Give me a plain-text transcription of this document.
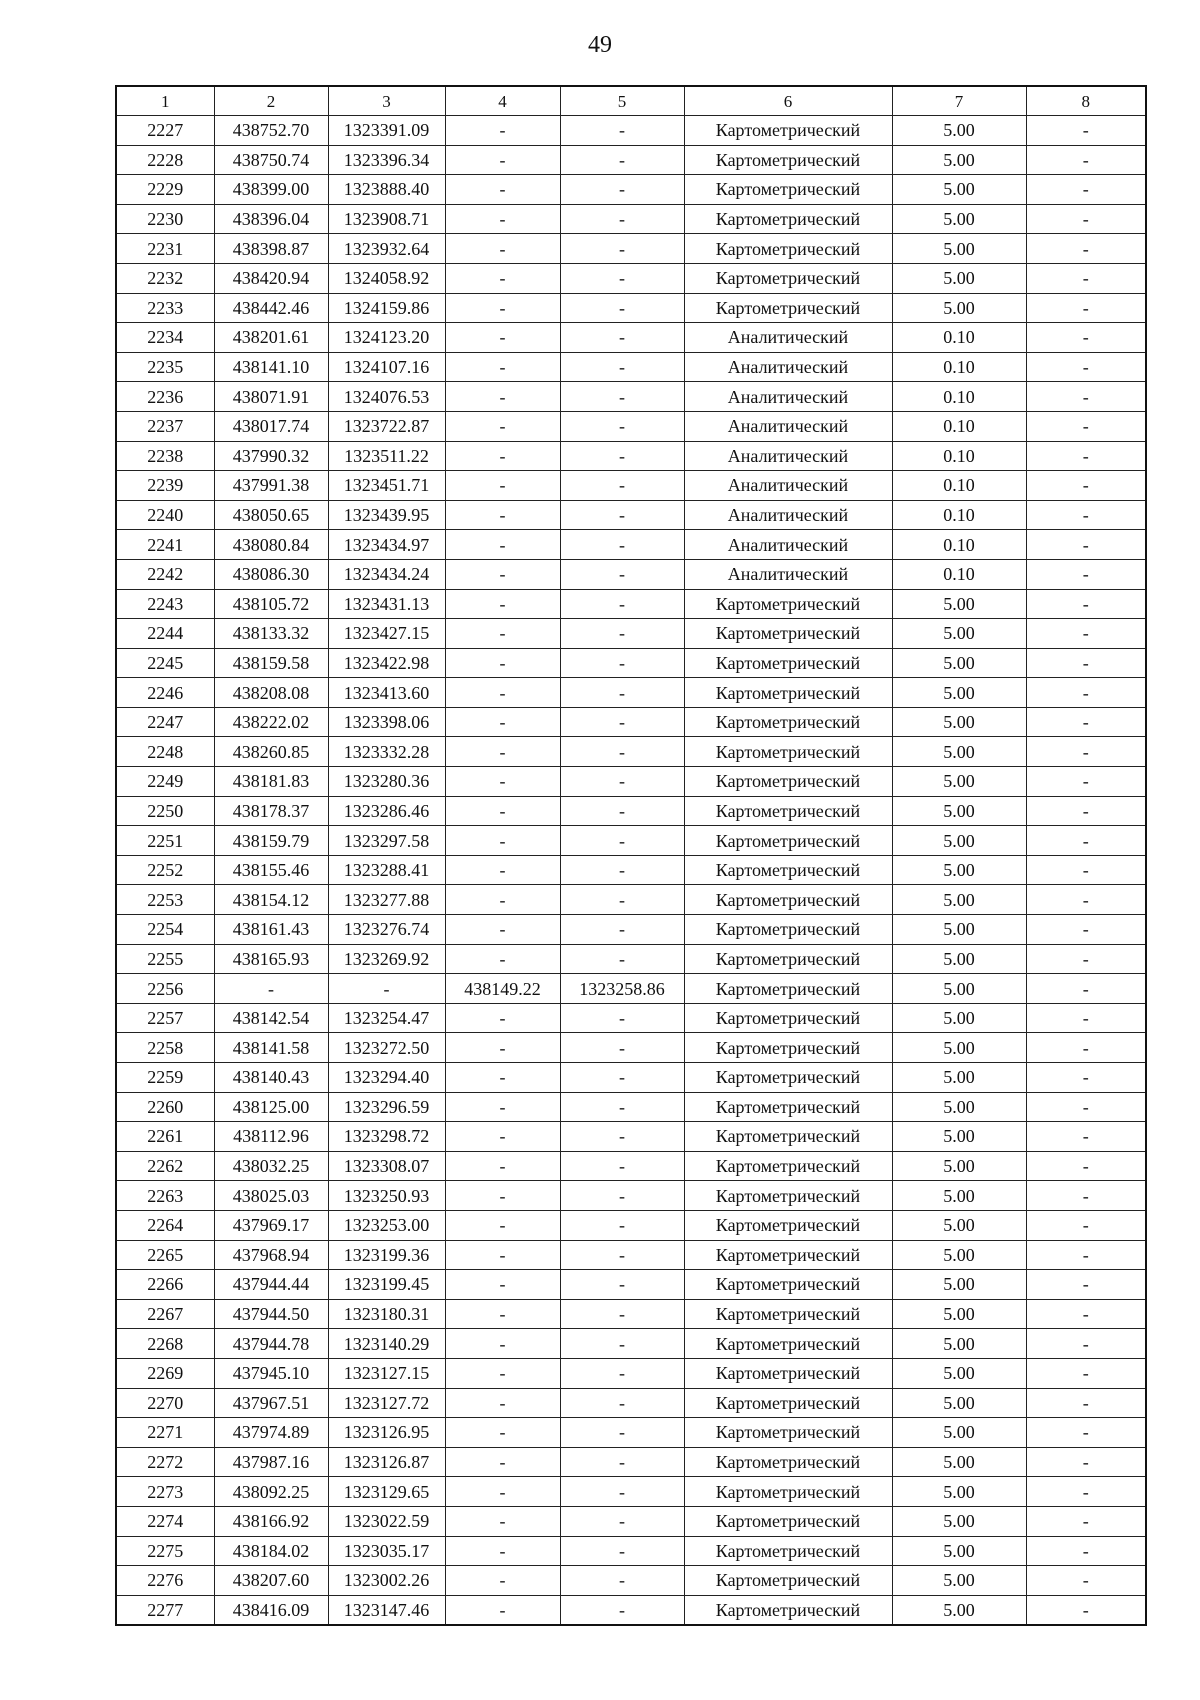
49
1	2	3	4	5	6	7	8
2227	438752.70	1323391.09	-	-	Картометрический	5.00	-
2228	438750.74	1323396.34	-	-	Картометрический	5.00	-
2229	438399.00	1323888.40	-	-	Картометрический	5.00	-
2230	438396.04	1323908.71	-	-	Картометрический	5.00	-
2231	438398.87	1323932.64	-	-	Картометрический	5.00	-
2232	438420.94	1324058.92	-	-	Картометрический	5.00	-
2233	438442.46	1324159.86	-	-	Картометрический	5.00	-
2234	438201.61	1324123.20	-	-	Аналитический	0.10	-
2235	438141.10	1324107.16	-	-	Аналитический	0.10	-
2236	438071.91	1324076.53	-	-	Аналитический	0.10	-
2237	438017.74	1323722.87	-	-	Аналитический	0.10	-
2238	437990.32	1323511.22	-	-	Аналитический	0.10	-
2239	437991.38	1323451.71	-	-	Аналитический	0.10	-
2240	438050.65	1323439.95	-	-	Аналитический	0.10	-
2241	438080.84	1323434.97	-	-	Аналитический	0.10	-
2242	438086.30	1323434.24	-	-	Аналитический	0.10	-
2243	438105.72	1323431.13	-	-	Картометрический	5.00	-
2244	438133.32	1323427.15	-	-	Картометрический	5.00	-
2245	438159.58	1323422.98	-	-	Картометрический	5.00	-
2246	438208.08	1323413.60	-	-	Картометрический	5.00	-
2247	438222.02	1323398.06	-	-	Картометрический	5.00	-
2248	438260.85	1323332.28	-	-	Картометрический	5.00	-
2249	438181.83	1323280.36	-	-	Картометрический	5.00	-
2250	438178.37	1323286.46	-	-	Картометрический	5.00	-
2251	438159.79	1323297.58	-	-	Картометрический	5.00	-
2252	438155.46	1323288.41	-	-	Картометрический	5.00	-
2253	438154.12	1323277.88	-	-	Картометрический	5.00	-
2254	438161.43	1323276.74	-	-	Картометрический	5.00	-
2255	438165.93	1323269.92	-	-	Картометрический	5.00	-
2256	-	-	438149.22	1323258.86	Картометрический	5.00	-
2257	438142.54	1323254.47	-	-	Картометрический	5.00	-
2258	438141.58	1323272.50	-	-	Картометрический	5.00	-
2259	438140.43	1323294.40	-	-	Картометрический	5.00	-
2260	438125.00	1323296.59	-	-	Картометрический	5.00	-
2261	438112.96	1323298.72	-	-	Картометрический	5.00	-
2262	438032.25	1323308.07	-	-	Картометрический	5.00	-
2263	438025.03	1323250.93	-	-	Картометрический	5.00	-
2264	437969.17	1323253.00	-	-	Картометрический	5.00	-
2265	437968.94	1323199.36	-	-	Картометрический	5.00	-
2266	437944.44	1323199.45	-	-	Картометрический	5.00	-
2267	437944.50	1323180.31	-	-	Картометрический	5.00	-
2268	437944.78	1323140.29	-	-	Картометрический	5.00	-
2269	437945.10	1323127.15	-	-	Картометрический	5.00	-
2270	437967.51	1323127.72	-	-	Картометрический	5.00	-
2271	437974.89	1323126.95	-	-	Картометрический	5.00	-
2272	437987.16	1323126.87	-	-	Картометрический	5.00	-
2273	438092.25	1323129.65	-	-	Картометрический	5.00	-
2274	438166.92	1323022.59	-	-	Картометрический	5.00	-
2275	438184.02	1323035.17	-	-	Картометрический	5.00	-
2276	438207.60	1323002.26	-	-	Картометрический	5.00	-
2277	438416.09	1323147.46	-	-	Картометрический	5.00	-
